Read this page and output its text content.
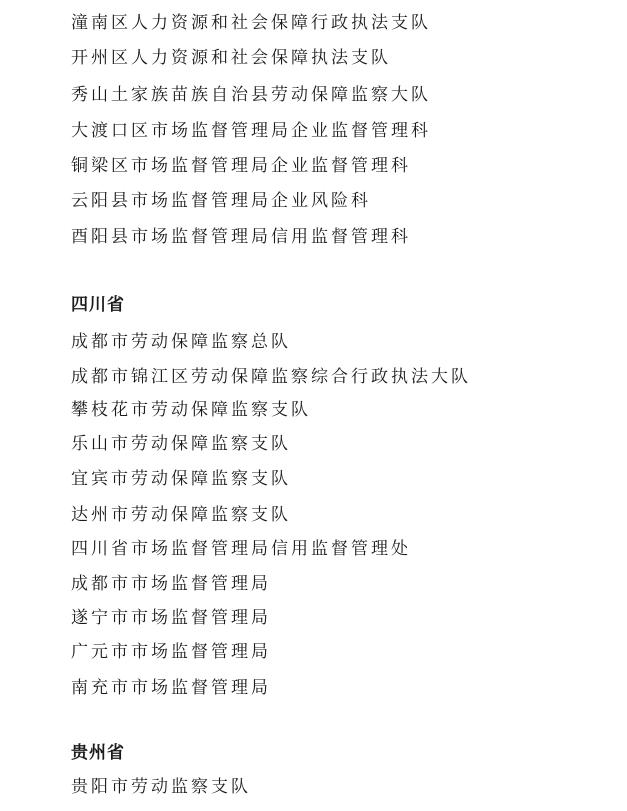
潼南区人力资源和社会保障行政执法支队
开州区人力资源和社会保障执法支队
秀山土家族苗族自治县劳动保障监察大队
大渡口区市场监督管理局企业监督管理科
铜梁区市场监督管理局企业监督管理科
云阳县市场监督管理局企业风险科
酉阳县市场监督管理局信用监督管理科
四川省
成都市劳动保障监察总队
成都市锦江区劳动保障监察综合行政执法大队
攀枝花市劳动保障监察支队
乐山市劳动保障监察支队
宜宾市劳动保障监察支队
达州市劳动保障监察支队
四川省市场监督管理局信用监督管理处
成都市市场监督管理局
遂宁市市场监督管理局
广元市市场监督管理局
南充市市场监督管理局
贵州省
贵阳市劳动监察支队
